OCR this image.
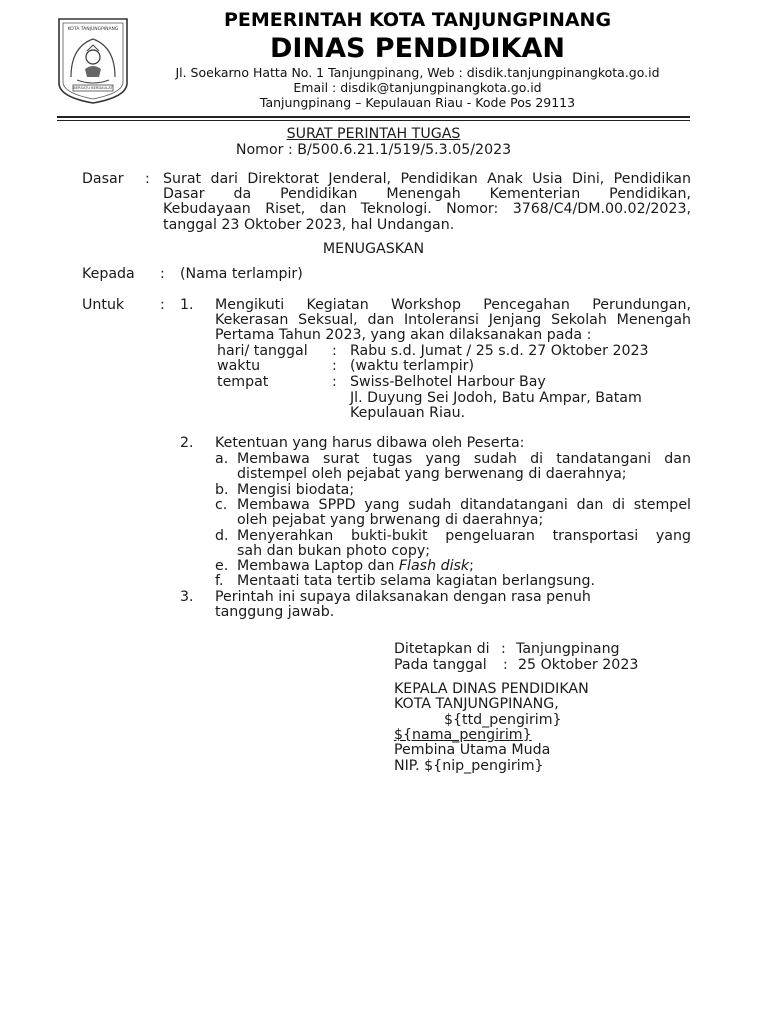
KOTA TANJUNGPINANG
BERSATU BERDAULAT
PEMERINTAH KOTA TANJUNGPINANG
DINAS PENDIDIKAN
Jl. Soekarno Hatta No. 1 Tanjungpinang, Web : disdik.tanjungpinangkota.go.id
Email : disdik@tanjungpinangkota.go.id
Tanjungpinang – Kepulauan Riau - Kode Pos 29113
SURAT PERINTAH TUGAS
Nomor : B/500.6.21.1/519/5.3.05/2023
Dasar : Surat dari Direktorat Jenderal, Pendidikan Anak Usia Dini, Pendidikan
Dasar da Pendidikan Menengah Kementerian Pendidikan,
Kebudayaan Riset, dan Teknologi. Nomor: 3768/C4/DM.00.02/2023,
tanggal 23 Oktober 2023, hal Undangan.
MENUGASKAN
Kepada : (Nama terlampir)
Untuk	: 1. Mengikuti Kegiatan Workshop Pencegahan Perundungan,
Kekerasan Seksual, dan Intoleransi Jenjang Sekolah Menengah
Pertama Tahun 2023, yang akan dilaksanakan pada :
hari/ tanggal : Rabu s.d. Jumat / 25 s.d. 27 Oktober 2023
waktu	: (waktu terlampir)
tempat	: Swiss-Belhotel Harbour Bay
Jl. Duyung Sei Jodoh, Batu Ampar, Batam
Kepulauan Riau.
2. Ketentuan yang harus dibawa oleh Peserta:
a. Membawa surat tugas yang sudah di tandatangani dan
distempel oleh pejabat yang berwenang di daerahnya;
b. Mengisi biodata;
c. Membawa SPPD yang sudah ditandatangani dan di stempel
oleh pejabat yang brwenang di daerahnya;
d. Menyerahkan bukti-bukit pengeluaran transportasi yang
sah dan bukan photo copy;
e. Membawa Laptop dan Flash disk;
f. Mentaati tata tertib selama kagiatan berlangsung.
3. Perintah ini supaya dilaksanakan dengan rasa penuh
tanggung jawab.
Ditetapkan di : Tanjungpinang
Pada tanggal : 25 Oktober 2023
KEPALA DINAS PENDIDIKAN
KOTA TANJUNGPINANG,
${ttd_pengirim}
${nama_pengirim}
Pembina Utama Muda
NIP. ${nip_pengirim}
